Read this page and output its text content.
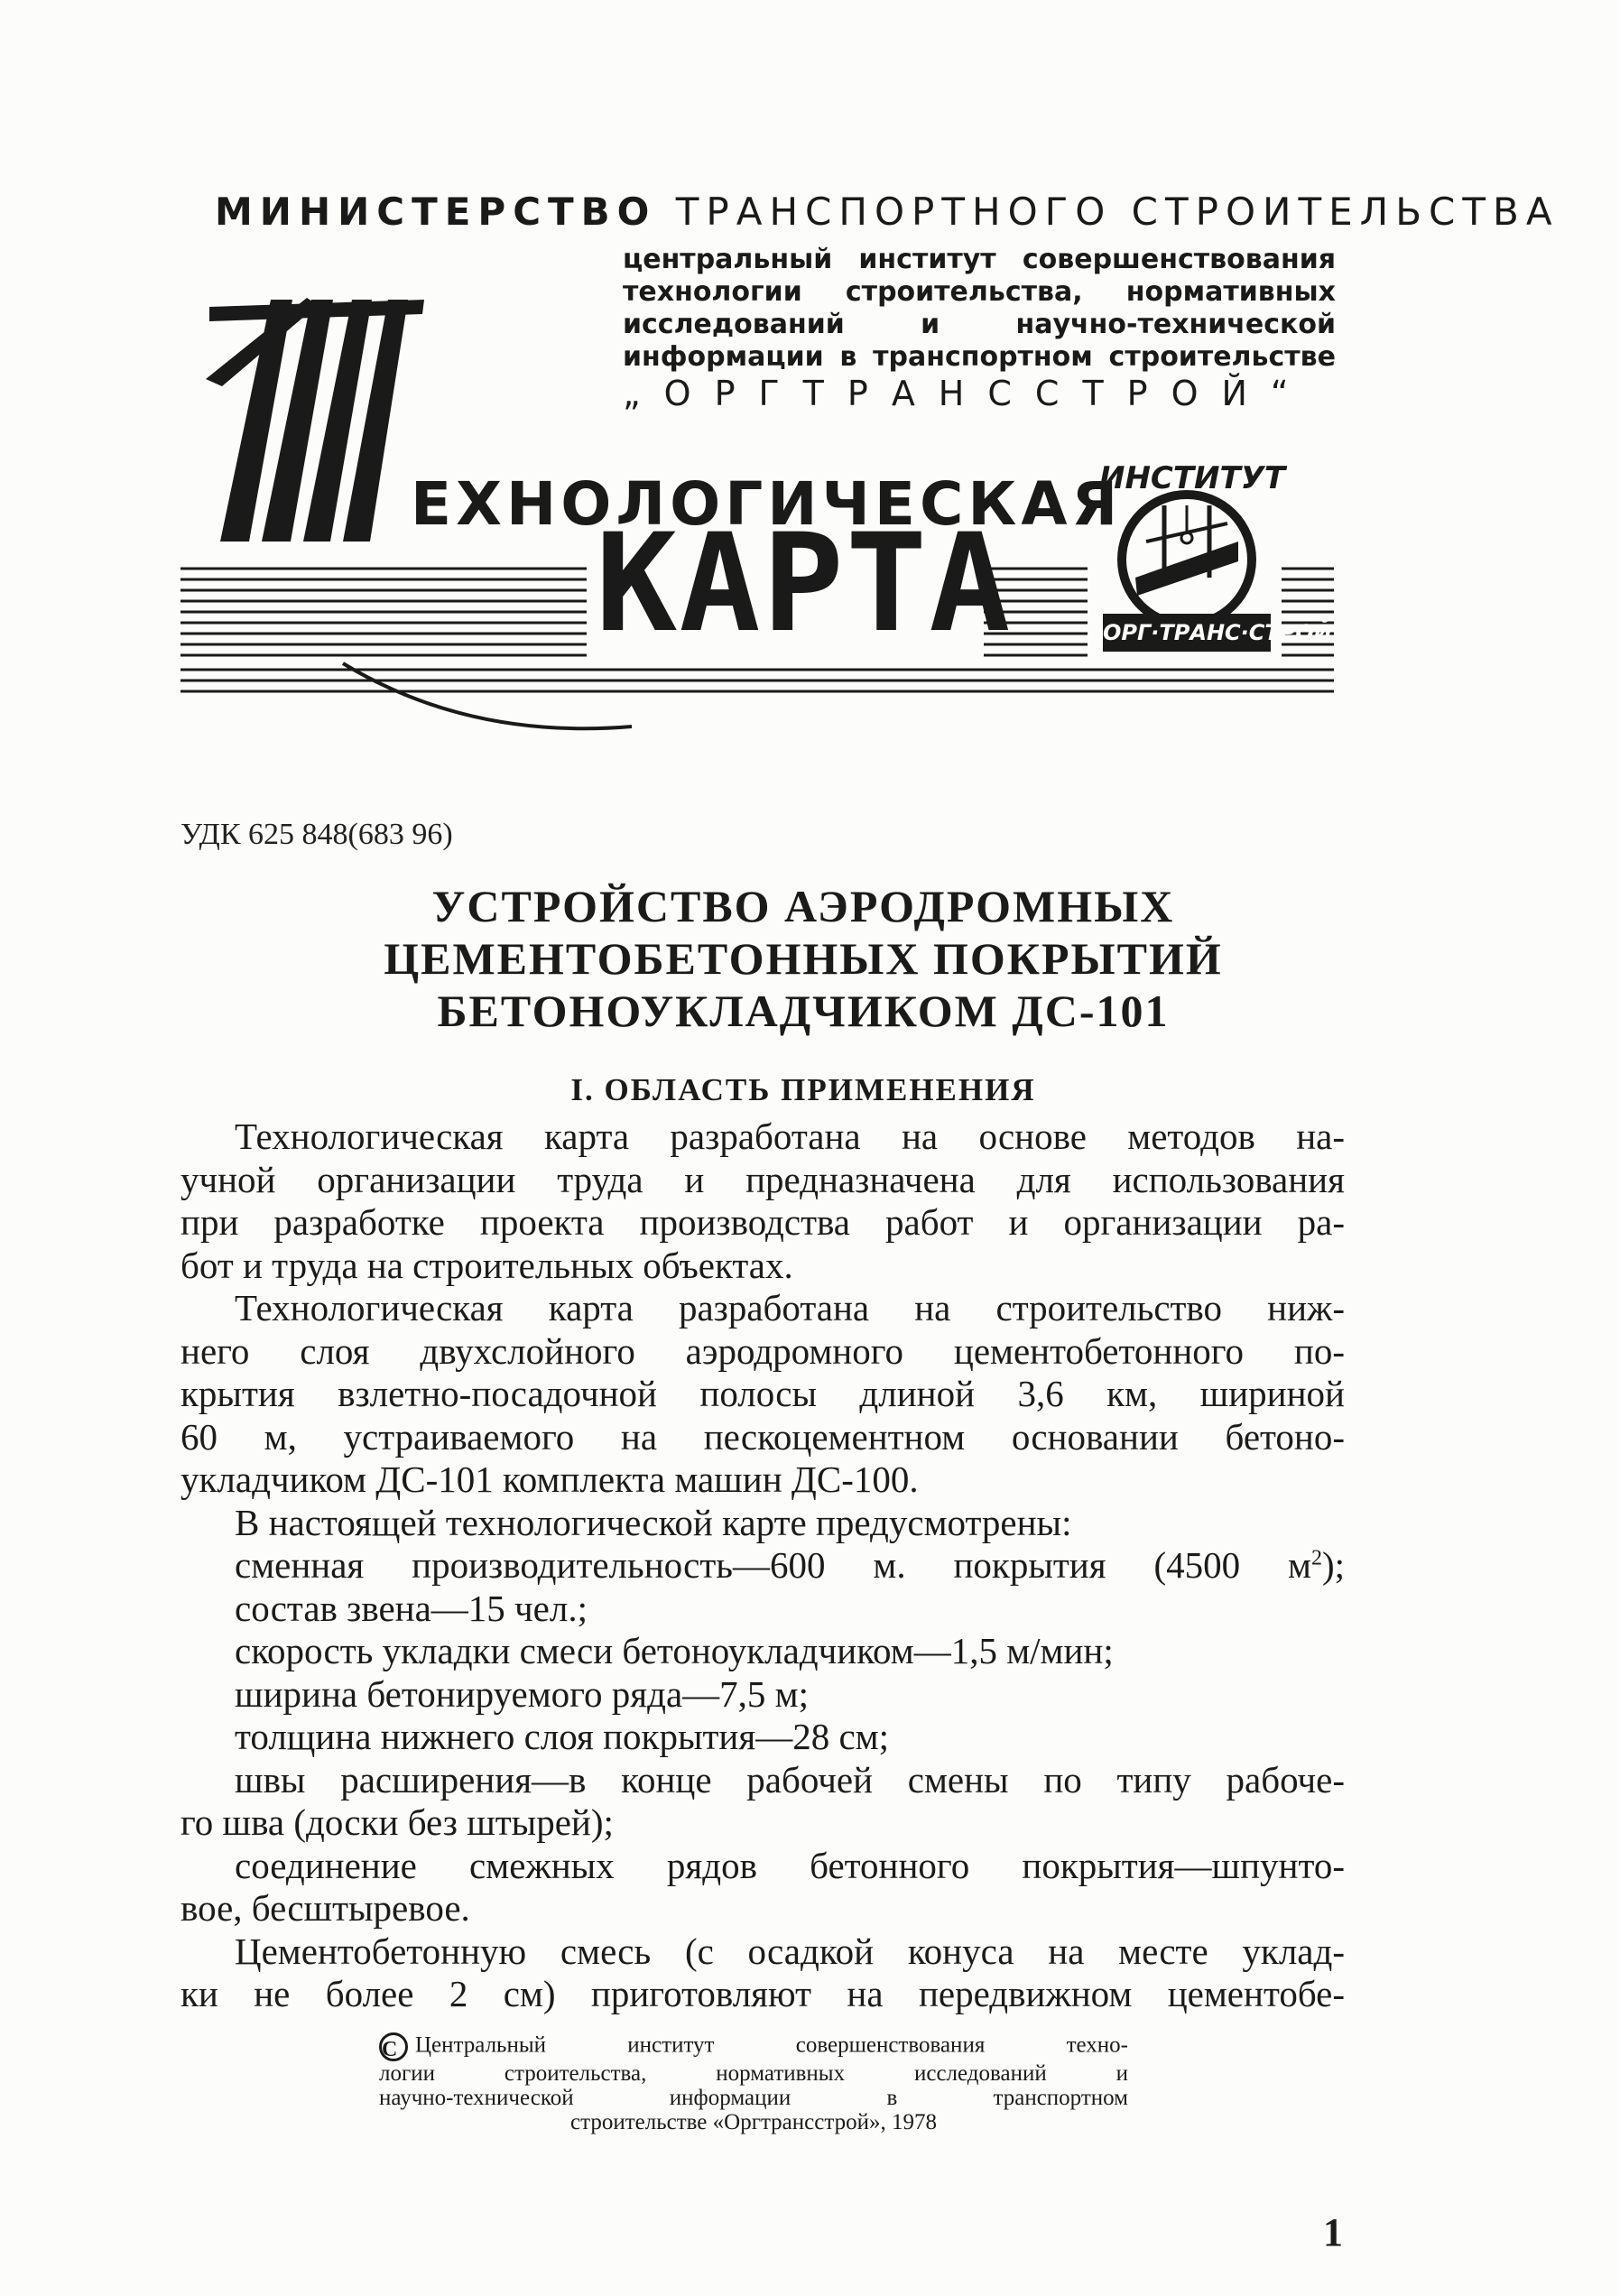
МИНИСТЕРСТВО ТРАНСПОРТНОГО СТРОИТЕЛЬСТВА
центральный институт совершенствования
технологии строительства, нормативных
исследований и научно-технической
информации в транспортном строительстве
„ОРГТРАНССТРОЙ“
ЕХНОЛОГИЧЕСКАЯ
КАРТА
ИНСТИТУТ
ОРГ·ТРАНС·СТРОЙ
УДК 625 848(683 96)
УСТРОЙСТВО АЭРОДРОМНЫХ
ЦЕМЕНТОБЕТОННЫХ ПОКРЫТИЙ
БЕТОНОУКЛАДЧИКОМ ДС-101
I. ОБЛАСТЬ ПРИМЕНЕНИЯ
Технологическая карта разработана на основе методов на-
учной организации труда и предназначена для использования
при разработке проекта производства работ и организации ра-
бот и труда на строительных объектах.
Технологическая карта разработана на строительство ниж-
него слоя двухслойного аэродромного цементобетонного по-
крытия взлетно-посадочной полосы длиной 3,6 км, шириной
60 м, устраиваемого на пескоцементном основании бетоно-
укладчиком ДС-101 комплекта машин ДС-100.
В настоящей технологической карте предусмотрены:
сменная производительность—600 м. покрытия (4500 $м^2$);
состав звена—15 чел.;
скорость укладки смеси бетоноукладчиком—1,5 м/мин;
ширина бетонируемого ряда—7,5 м;
толщина нижнего слоя покрытия—28 см;
швы расширения—в конце рабочей смены по типу рабоче-
го шва (доски без штырей);
соединение смежных рядов бетонного покрытия—шпунто-
вое, бесштыревое.
Цементобетонную смесь (с осадкой конуса на месте уклад-
ки не более 2 см) приготовляют на передвижном цементобе-
C Центральный институт совершенствования техно-
логии строительства, нормативных исследований и
научно-технической информации в транспортном
строительстве «Оргтрансстрой», 1978
1
